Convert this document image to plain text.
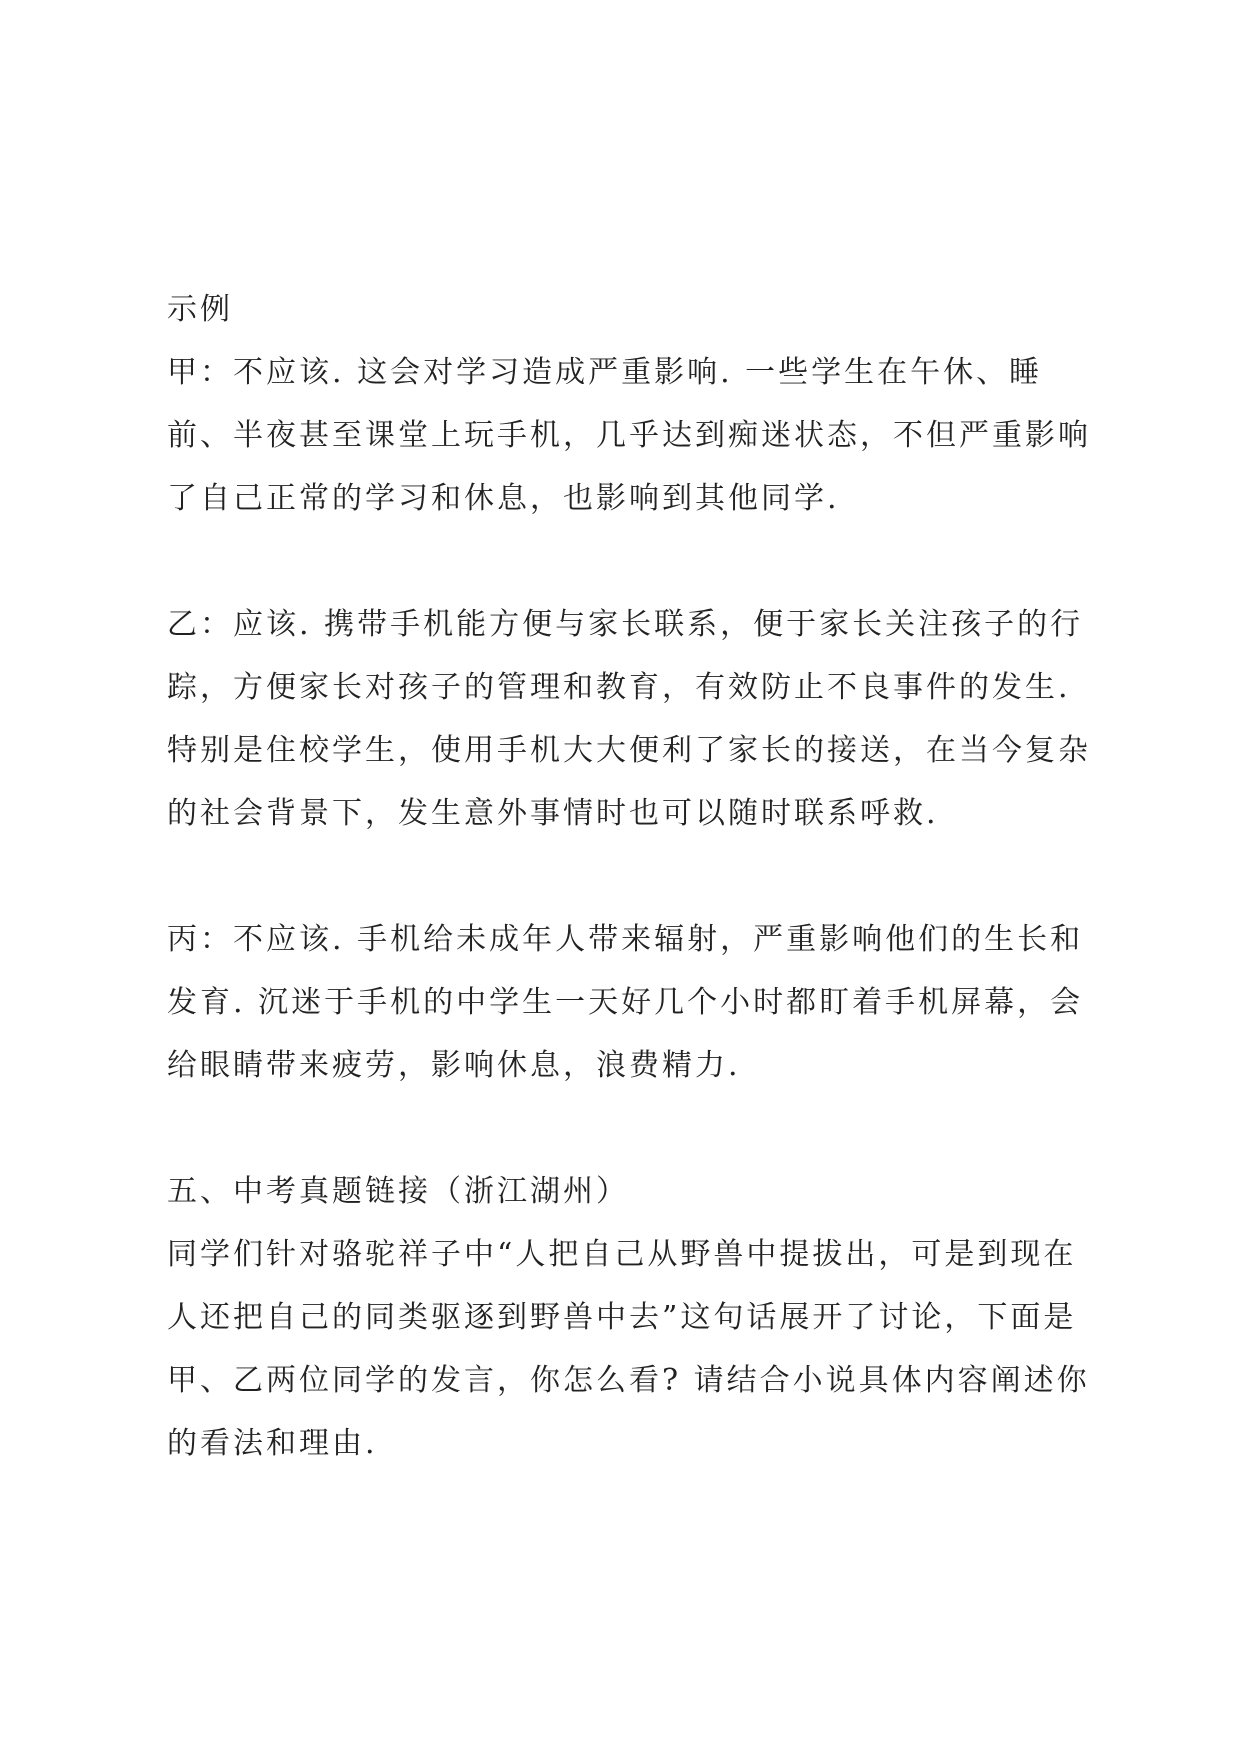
示例
甲：不应该. 这会对学习造成严重影响. 一些学生在午休、睡
前、半夜甚至课堂上玩手机，几乎达到痴迷状态，不但严重影响
了自己正常的学习和休息，也影响到其他同学.
乙：应该. 携带手机能方便与家长联系，便于家长关注孩子的行
踪，方便家长对孩子的管理和教育，有效防止不良事件的发生.
特别是住校学生，使用手机大大便利了家长的接送，在当今复杂
的社会背景下，发生意外事情时也可以随时联系呼救.
丙：不应该. 手机给未成年人带来辐射，严重影响他们的生长和
发育. 沉迷于手机的中学生一天好几个小时都盯着手机屏幕，会
给眼睛带来疲劳，影响休息，浪费精力.
五、中考真题链接（浙江湖州）
同学们针对骆驼祥子中“人把自己从野兽中提拔出，可是到现在
人还把自己的同类驱逐到野兽中去”这句话展开了讨论，下面是
甲、乙两位同学的发言，你怎么看? 请结合小说具体内容阐述你
的看法和理由.
